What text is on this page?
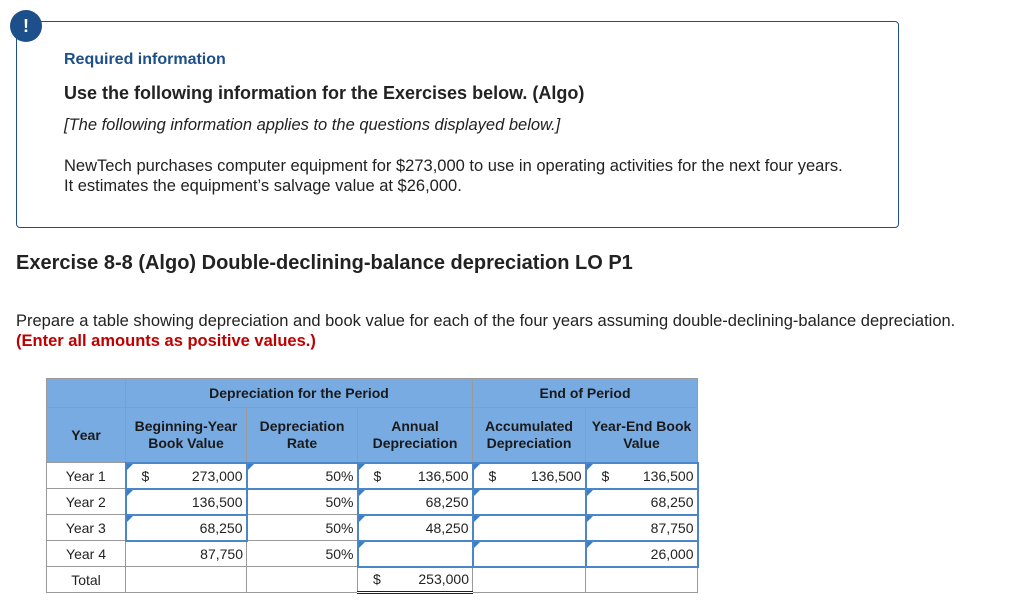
!
Required information
Use the following information for the Exercises below. (Algo)
[The following information applies to the questions displayed below.]
NewTech purchases computer equipment for $273,000 to use in operating activities for the next four years. It estimates the equipment’s salvage value at $26,000.
Exercise 8-8 (Algo) Double-declining-balance depreciation LO P1
Prepare a table showing depreciation and book value for each of the four years assuming double-declining-balance depreciation. (Enter all amounts as positive values.)
	Depreciation for the Period			End of Period	
Year	Beginning-Year Book Value	Depreciation Rate	Annual Depreciation	Accumulated Depreciation	Year-End Book Value
Year 1	$ 273,000	50%	$ 136,500	$ 136,500	$ 136,500

Year 2	136,500	50%	68,250		68,250

Year 3	68,250	50%	48,250		87,750

Year 4	87,750	50%			26,000

Total			$ 253,000		
